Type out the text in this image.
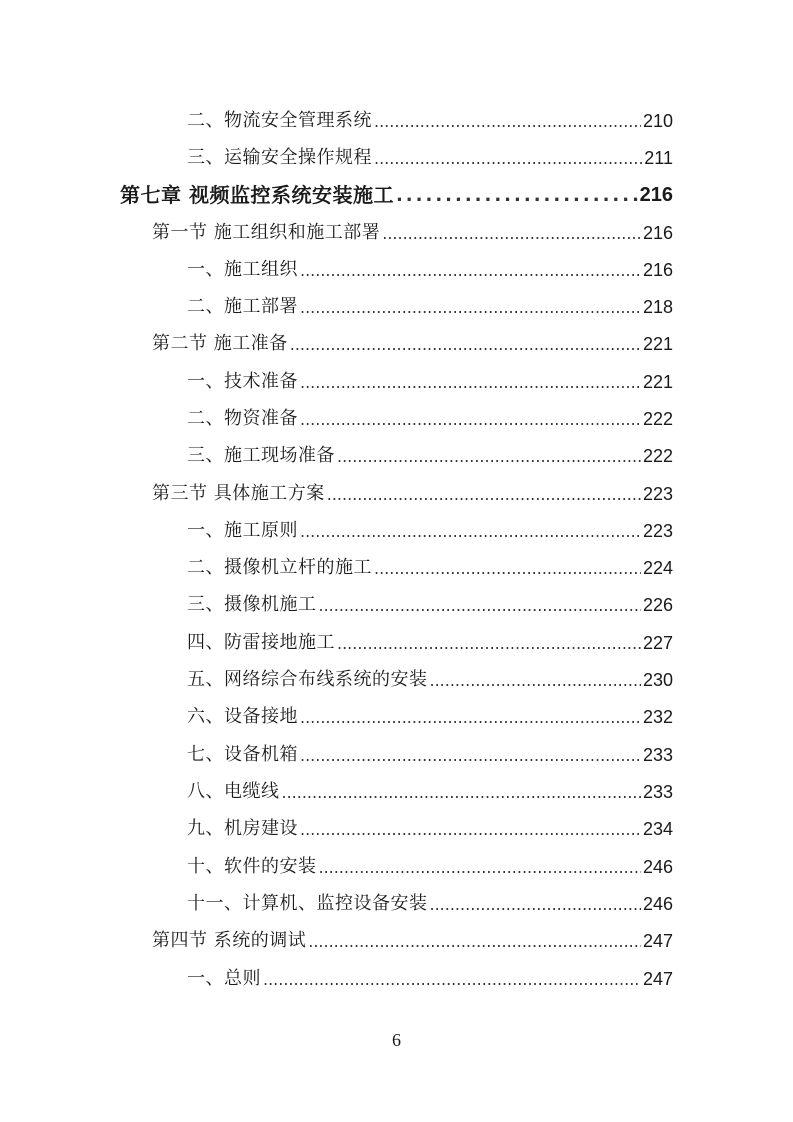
二、物流安全管理系统 .....	210
三、运输安全操作规程 .....	211
第七章 视频监控系统安装施工 .....	216
第一节 施工组织和施工部署 .....	216
一、施工组织 .....	216
二、施工部署 .....	218
第二节 施工准备 .....	221
一、技术准备 .....	221
二、物资准备 .....	222
三、施工现场准备 .....	222
第三节 具体施工方案 .....	223
一、施工原则 .....	223
二、摄像机立杆的施工 .....	224
三、摄像机施工 .....	226
四、防雷接地施工 .....	227
五、网络综合布线系统的安装 .....	230
六、设备接地 .....	232
七、设备机箱 .....	233
八、电缆线 .....	233
九、机房建设 .....	234
十、软件的安装 .....	246
十一、计算机、监控设备安装 .....	246
第四节 系统的调试 .....	247
一、总则 .....	247
6
